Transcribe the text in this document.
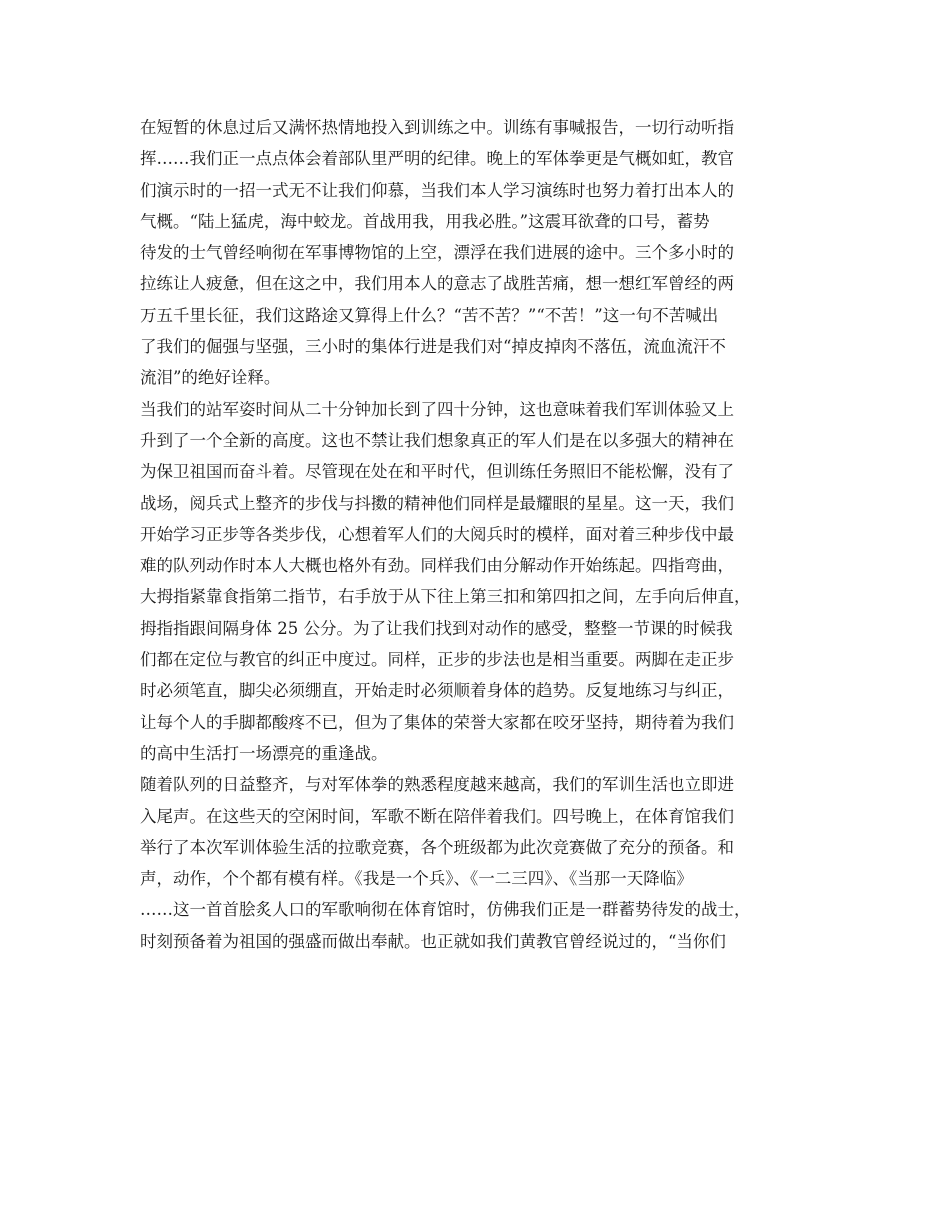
在短暂的休息过后又满怀热情地投入到训练之中。训练有事喊报告，一切行动听指
挥……我们正一点点体会着部队里严明的纪律。晚上的军体拳更是气概如虹，教官
们演示时的一招一式无不让我们仰慕，当我们本人学习演练时也努力着打出本人的
气概。“陆上猛虎，海中蛟龙。首战用我，用我必胜。”这震耳欲聋的口号，蓄势
待发的士气曾经响彻在军事博物馆的上空，漂浮在我们进展的途中。三个多小时的
拉练让人疲惫，但在这之中，我们用本人的意志了战胜苦痛，想一想红军曾经的两
万五千里长征，我们这路途又算得上什么？“苦不苦？”“不苦！”这一句不苦喊出
了我们的倔强与坚强，三小时的集体行进是我们对“掉皮掉肉不落伍，流血流汗不
流泪”的绝好诠释。
当我们的站军姿时间从二十分钟加长到了四十分钟，这也意味着我们军训体验又上
升到了一个全新的高度。这也不禁让我们想象真正的军人们是在以多强大的精神在
为保卫祖国而奋斗着。尽管现在处在和平时代，但训练任务照旧不能松懈，没有了
战场，阅兵式上整齐的步伐与抖擞的精神他们同样是最耀眼的星星。这一天，我们
开始学习正步等各类步伐，心想着军人们的大阅兵时的模样，面对着三种步伐中最
难的队列动作时本人大概也格外有劲。同样我们由分解动作开始练起。四指弯曲，
大拇指紧靠食指第二指节，右手放于从下往上第三扣和第四扣之间，左手向后伸直，
拇指指跟间隔身体 25 公分。为了让我们找到对动作的感受，整整一节课的时候我
们都在定位与教官的纠正中度过。同样，正步的步法也是相当重要。两脚在走正步
时必须笔直，脚尖必须绷直，开始走时必须顺着身体的趋势。反复地练习与纠正，
让每个人的手脚都酸疼不已，但为了集体的荣誉大家都在咬牙坚持，期待着为我们
的高中生活打一场漂亮的重逢战。
随着队列的日益整齐，与对军体拳的熟悉程度越来越高，我们的军训生活也立即进
入尾声。在这些天的空闲时间，军歌不断在陪伴着我们。四号晚上，在体育馆我们
举行了本次军训体验生活的拉歌竞赛，各个班级都为此次竞赛做了充分的预备。和
声，动作，个个都有模有样。《我是一个兵》、《一二三四》、《当那一天降临》
……这一首首脍炙人口的军歌响彻在体育馆时，仿佛我们正是一群蓄势待发的战士，
时刻预备着为祖国的强盛而做出奉献。也正就如我们黄教官曾经说过的，“当你们
